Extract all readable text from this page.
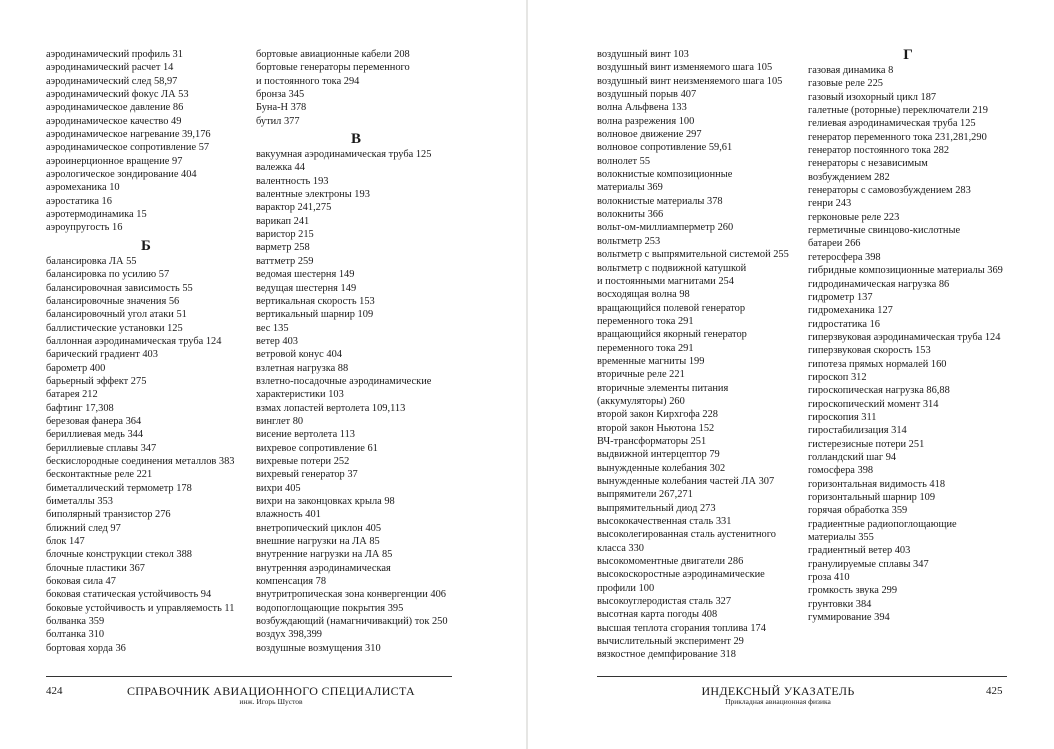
аэродинамический профиль 31
аэродинамический расчет 14
аэродинамический след 58,97
аэродинамический фокус ЛА 53
аэродинамическое давление 86
аэродинамическое качество 49
аэродинамическое нагревание 39,176
аэродинамическое сопротивление 57
аэроинерционное вращение 97
аэрологическое зондирование 404
аэромеханика 10
аэростатика 16
аэротермодинамика 15
аэроупругость 16
Б
балансировка ЛА 55
балансировка по усилию 57
балансировочная зависимость 55
балансировочные значения 56
балансировочный угол атаки 51
баллистические установки 125
баллонная аэродинамическая труба 124
барический градиент 403
барометр 400
барьерный эффект 275
батарея 212
бафтинг 17,308
березовая фанера 364
бериллиевая медь 344
бериллиевые сплавы 347
бескислородные соединения металлов 383
бесконтактные реле 221
биметаллический термометр 178
биметаллы 353
биполярный транзистор 276
ближний след 97
блок 147
блочные конструкции стекол 388
блочные пластики 367
боковая сила 47
боковая статическая устойчивость 94
боковые устойчивость и управляемость 11
болванка 359
болтанка 310
бортовая хорда 36
бортовые авиационные кабели 208
бортовые генераторы переменного
и постоянного тока 294
бронза 345
Буна-Н 378
бутил 377
В
вакуумная аэродинамическая труба 125
валежка 44
валентность 193
валентные электроны 193
варактор 241,275
варикап 241
варистор 215
варметр 258
ваттметр 259
ведомая шестерня 149
ведущая шестерня 149
вертикальная скорость 153
вертикальный шарнир 109
вес 135
ветер 403
ветровой конус 404
взлетная нагрузка 88
взлетно-посадочные аэродинамические
характеристики 103
взмах лопастей вертолета 109,113
винглет 80
висение вертолета 113
вихревое сопротивление 61
вихревые потери 252
вихревый генератор 37
вихри 405
вихри на законцовках крыла 98
влажность 401
внетропический циклон 405
внешние нагрузки на ЛА 85
внутренние нагрузки на ЛА 85
внутренняя аэродинамическая
компенсация 78
внутритропическая зона конвергенции 406
водопоглощающие покрытия 395
возбуждающий (намагничивакций) ток 250
воздух 398,399
воздушные возмущения 310
424	СПРАВОЧНИК АВИАЦИОННОГО СПЕЦИАЛИСТА
инж. Игорь Шустов
воздушный винт 103
воздушный винт изменяемого шага 105
воздушный винт неизменяемого шага 105
воздушный порыв 407
волна Альфвена 133
волна разрежения 100
волновое движение 297
волновое сопротивление 59,61
волнолет 55
волокнистые композиционные
материалы 369
волокнистые материалы 378
волокниты 366
вольт-ом-миллиамперметр 260
вольтметр 253
вольтметр с выпрямительной системой 255
вольтметр с подвижной катушкой
и постоянными магнитами 254
восходящая волна 98
вращающийся полевой генератор
переменного тока 291
вращающийся якорный генератор
переменного тока 291
временные магниты 199
вторичные реле 221
вторичные элементы питания
(аккумуляторы) 260
второй закон Кирхгофа 228
второй закон Ньютона 152
ВЧ-трансформаторы 251
выдвижной интерцептор 79
вынужденные колебания 302
вынужденные колебания частей ЛА 307
выпрямители 267,271
выпрямительный диод 273
высококачественная сталь 331
высоколегированная сталь аустенитного
класса 330
высокомоментные двигатели 286
высокоскоростные аэродинамические
профили 100
высокоуглеродистая сталь 327
высотная карта погоды 408
высшая теплота сгорания топлива 174
вычислительный эксперимент 29
вязкостное демпфирование 318
Г
газовая динамика 8
газовые реле 225
газовый изохорный цикл 187
галетные (роторные) переключатели 219
гелиевая аэродинамическая труба 125
генератор переменного тока 231,281,290
генератор постоянного тока 282
генераторы с независимым
возбуждением 282
генераторы с самовозбуждением 283
генри 243
герконовые реле 223
герметичные свинцово-кислотные
батареи 266
гетеросфера 398
гибридные композиционные материалы 369
гидродинамическая нагрузка 86
гидрометр 137
гидромеханика 127
гидростатика 16
гиперзвуковая аэродинамическая труба 124
гиперзвуковая скорость 153
гипотеза прямых нормалей 160
гироскоп 312
гироскопическая нагрузка 86,88
гироскопический момент 314
гироскопия 311
гиростабилизация 314
гистерезисные потери 251
голландский шаг 94
гомосфера 398
горизонтальная видимость 418
горизонтальный шарнир 109
горячая обработка 359
градиентные радиопоглощающие
материалы 355
градиентный ветер 403
гранулируемые сплавы 347
гроза 410
громкость звука 299
грунтовки 384
гуммирование 394
425
ИНДЕКСНЫЙ УКАЗАТЕЛЬ
Прикладная авиационная физика
